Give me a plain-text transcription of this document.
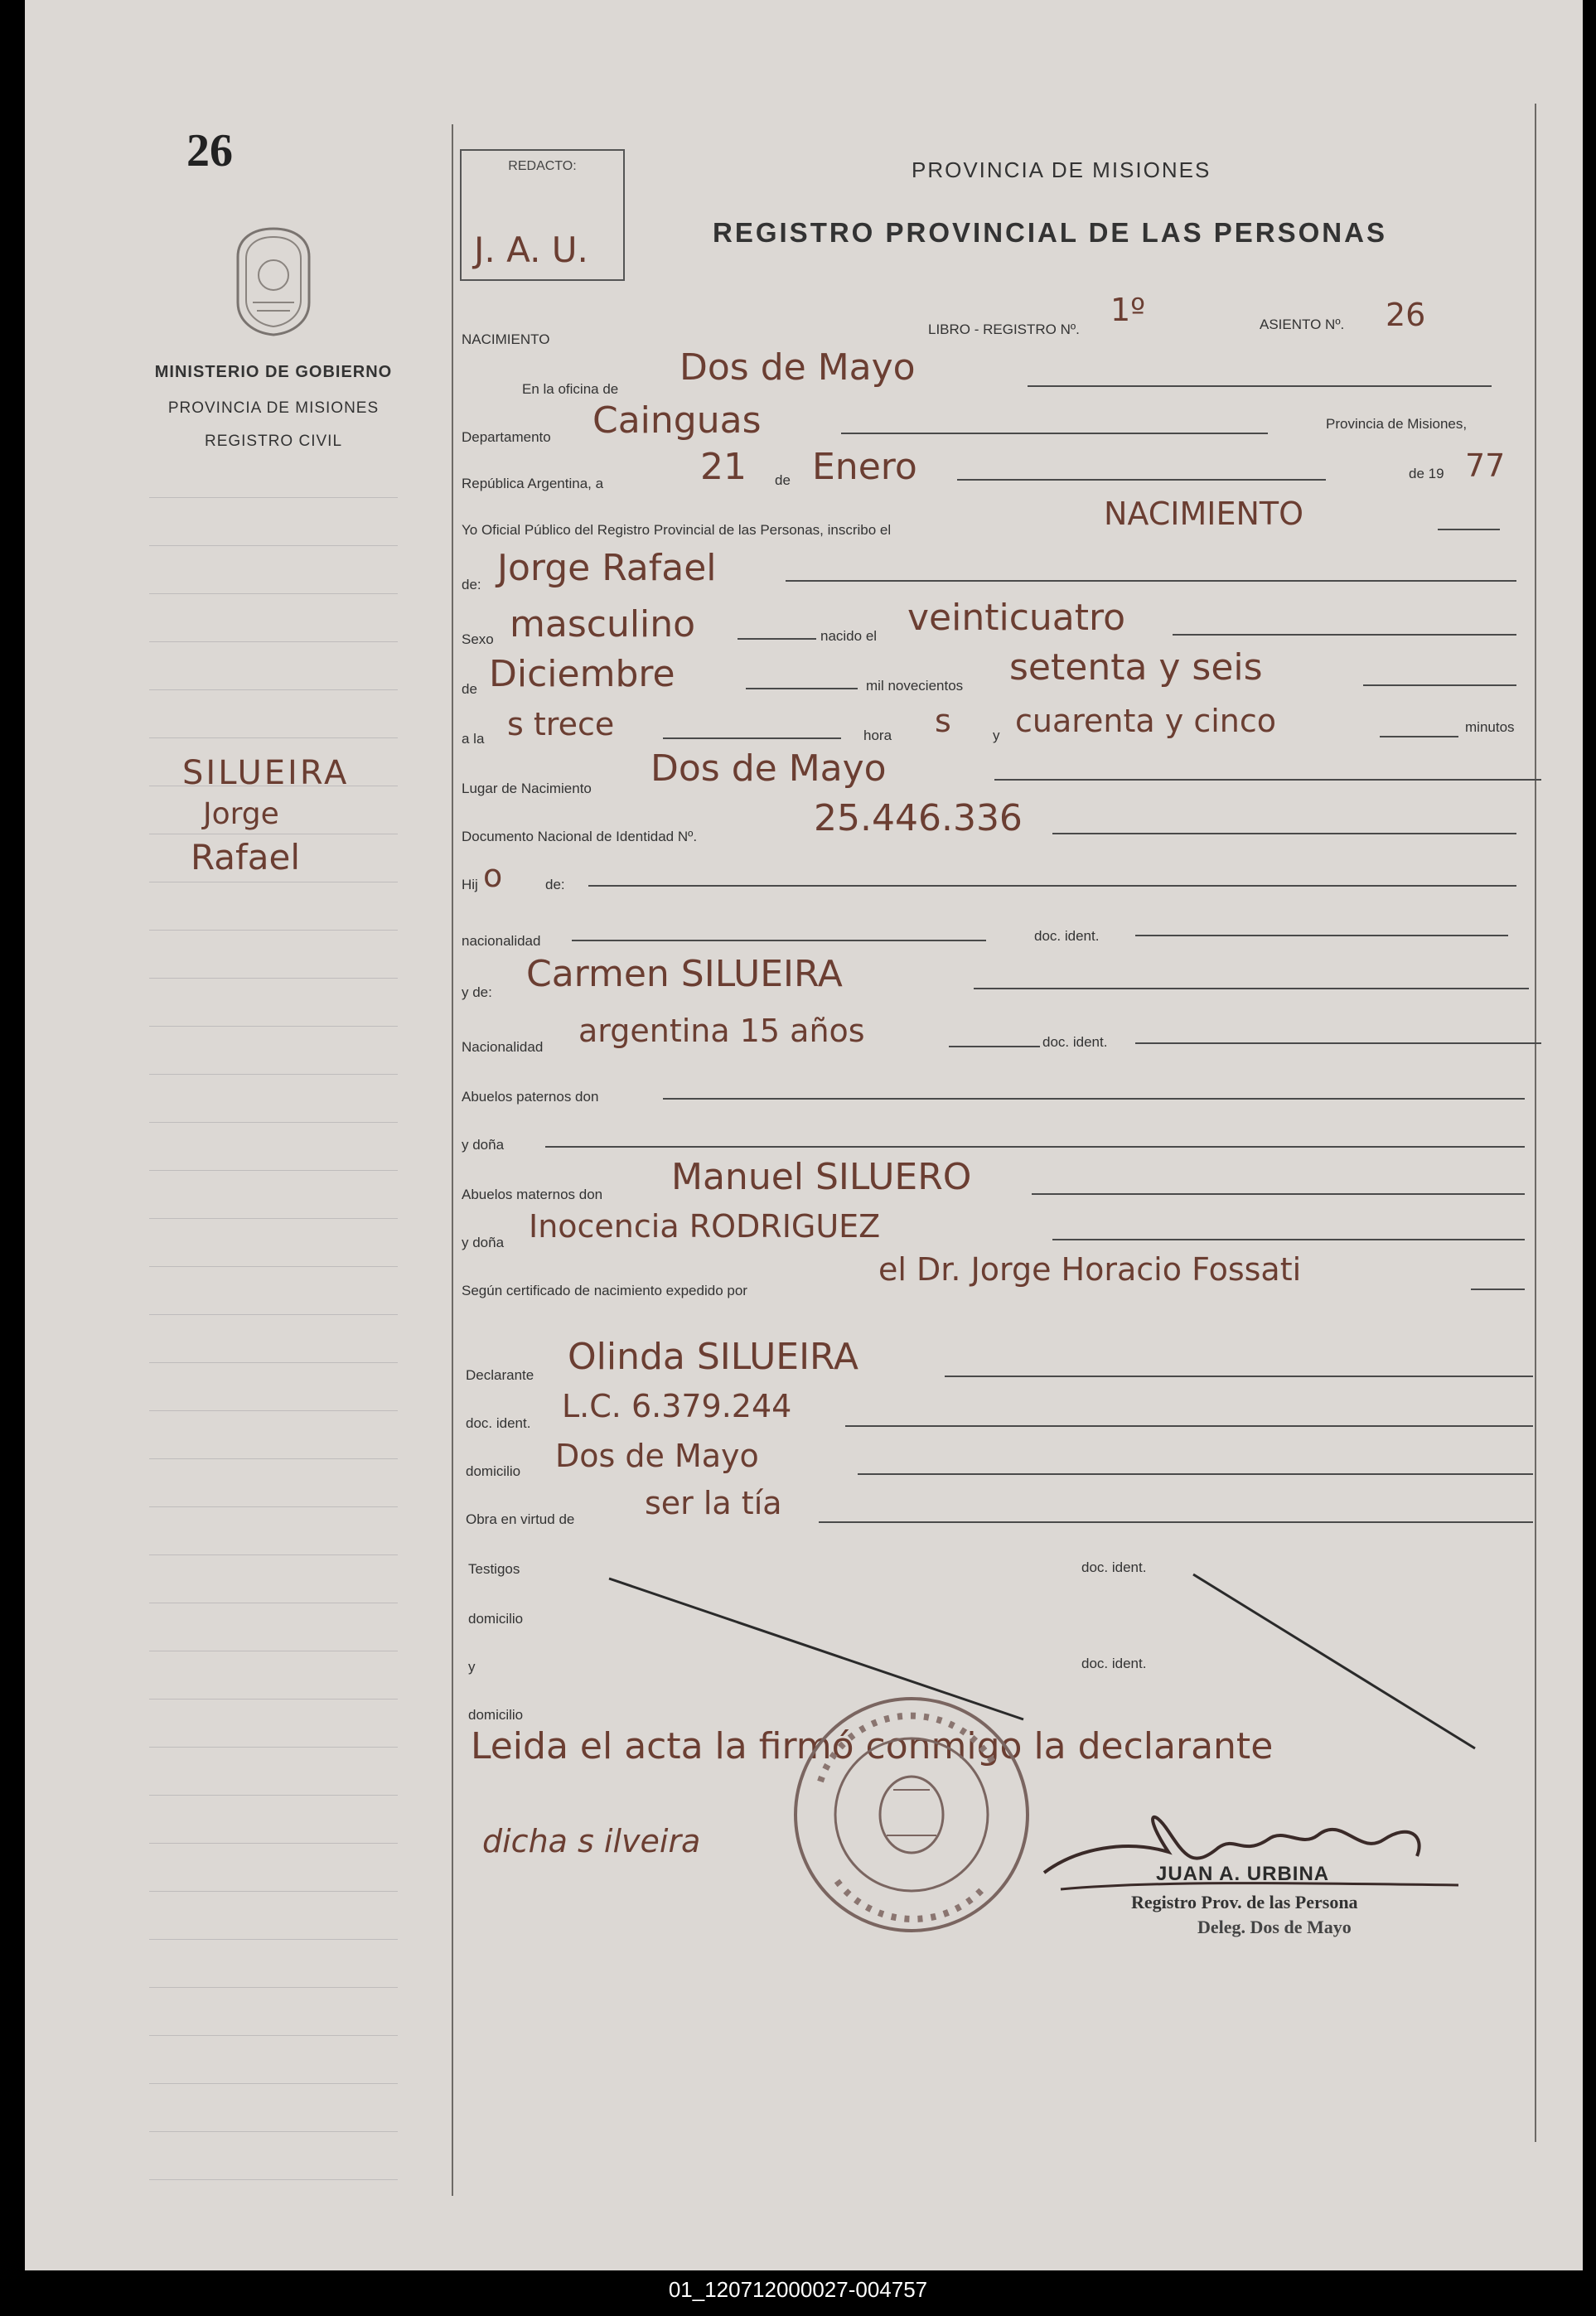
26
MINISTERIO DE GOBIERNO
PROVINCIA DE MISIONES
REGISTRO CIVIL
SILUEIRA
Jorge
Rafael
REDACTO:
J. A. U.
PROVINCIA DE MISIONES
REGISTRO PROVINCIAL DE LAS PERSONAS
NACIMIENTO
LIBRO - REGISTRO Nº.
1º	ASIENTO Nº. 26
En la oficina de
Dos de Mayo
Departamento Cainguas	Provincia de Misiones,
República Argentina, a	21 de Enero	de 19 77
Yo Oficial Público del Registro Provincial de las Personas, inscribo el	NACIMIENTO
de: Jorge Rafael
Sexo masculino	nacido el veinticuatro
de Diciembre	mil novecientos setenta y seis
a la s trece	hora s	y cuarenta y cinco	minutos
Lugar de Nacimiento Dos de Mayo
Documento Nacional de Identidad Nº.	25.446.336
Hij o	de:
nacionalidad	doc. ident.
y de: Carmen SILUEIRA
Nacionalidad argentina 15 años	doc. ident.
Abuelos paternos don
y doña
Abuelos maternos don Manuel SILUERO
y doña Inocencia RODRIGUEZ
Según certificado de nacimiento expedido por
el Dr. Jorge Horacio Fossati
Declarante Olinda SILUEIRA
doc. ident. L.C. 6.379.244
domicilio Dos de Mayo
Obra en virtud de ser la tía
Testigos	doc. ident.
domicilio
y	doc. ident.
domicilio
Leida el acta la firmó conmigo la declarante
dicha s ilveira
JUAN A. URBINA
Registro Prov. de las Persona
Deleg. Dos de Mayo
01_120712000027-004757
